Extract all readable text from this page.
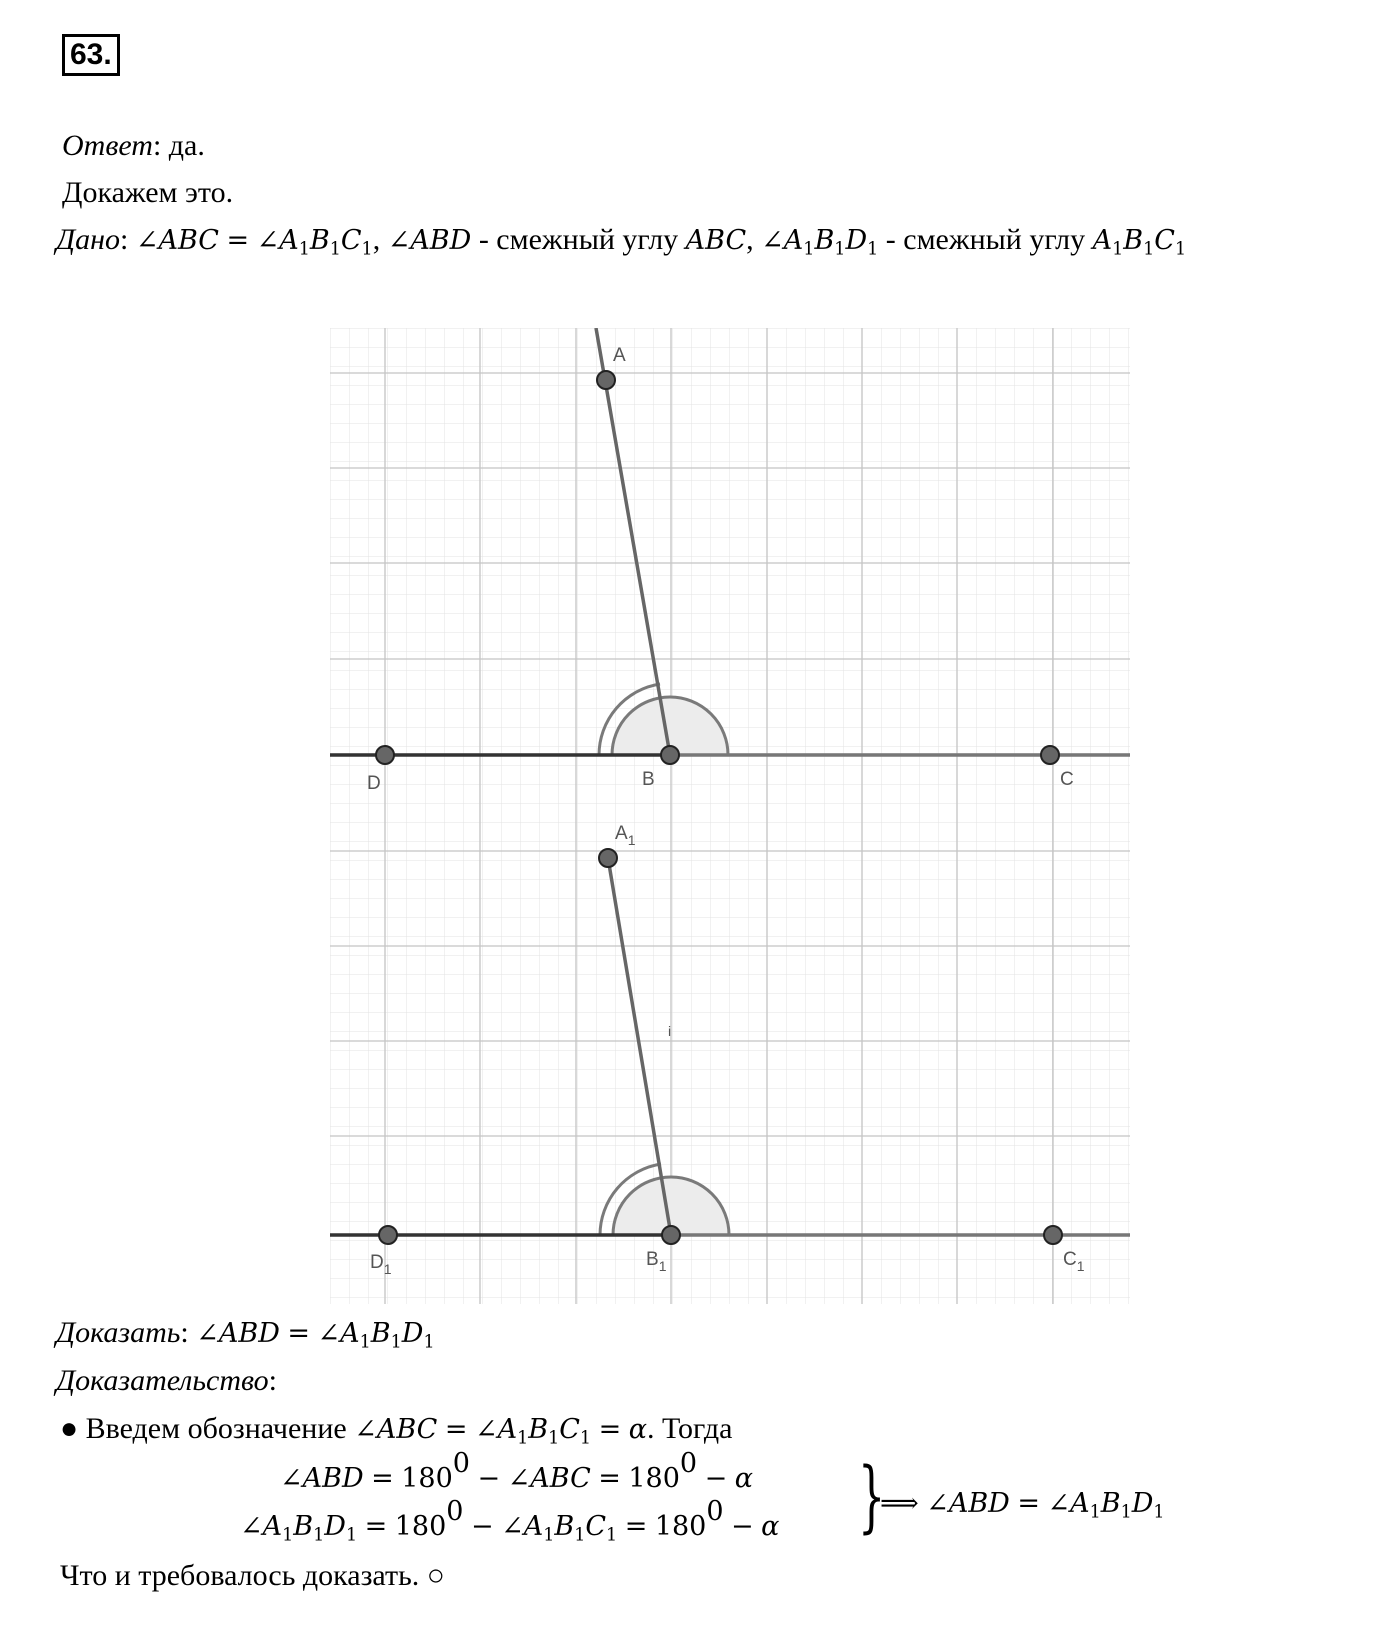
63.
Ответ: да.
Докажем это.
Дано: ∠ABC = $\angle A_1B_1C_1$, ∠ABD - смежный углу ABC, $\angle A_1B_1D_1$ - смежный углу $A_1B_1C_1$
A
B	C
D
A1
B1	C1
D1
i
Доказать: ∠ABD = $\angle A_1B_1D_1$
Доказательство:
● Введем обозначение ∠ABC = $\angle A_1B_1C_1 = \alpha$. Тогда
∠ABD = $180^0$ − ∠ABC = $180^0 - \alpha$
$\angle A_1B_1D_1 = 180^0$ − $\angle A_1B_1C_1 = 180^0 - \alpha$ }
⟹ ∠ABD = $\angle A_1B_1D_1$
Что и требовалось доказать. ○
